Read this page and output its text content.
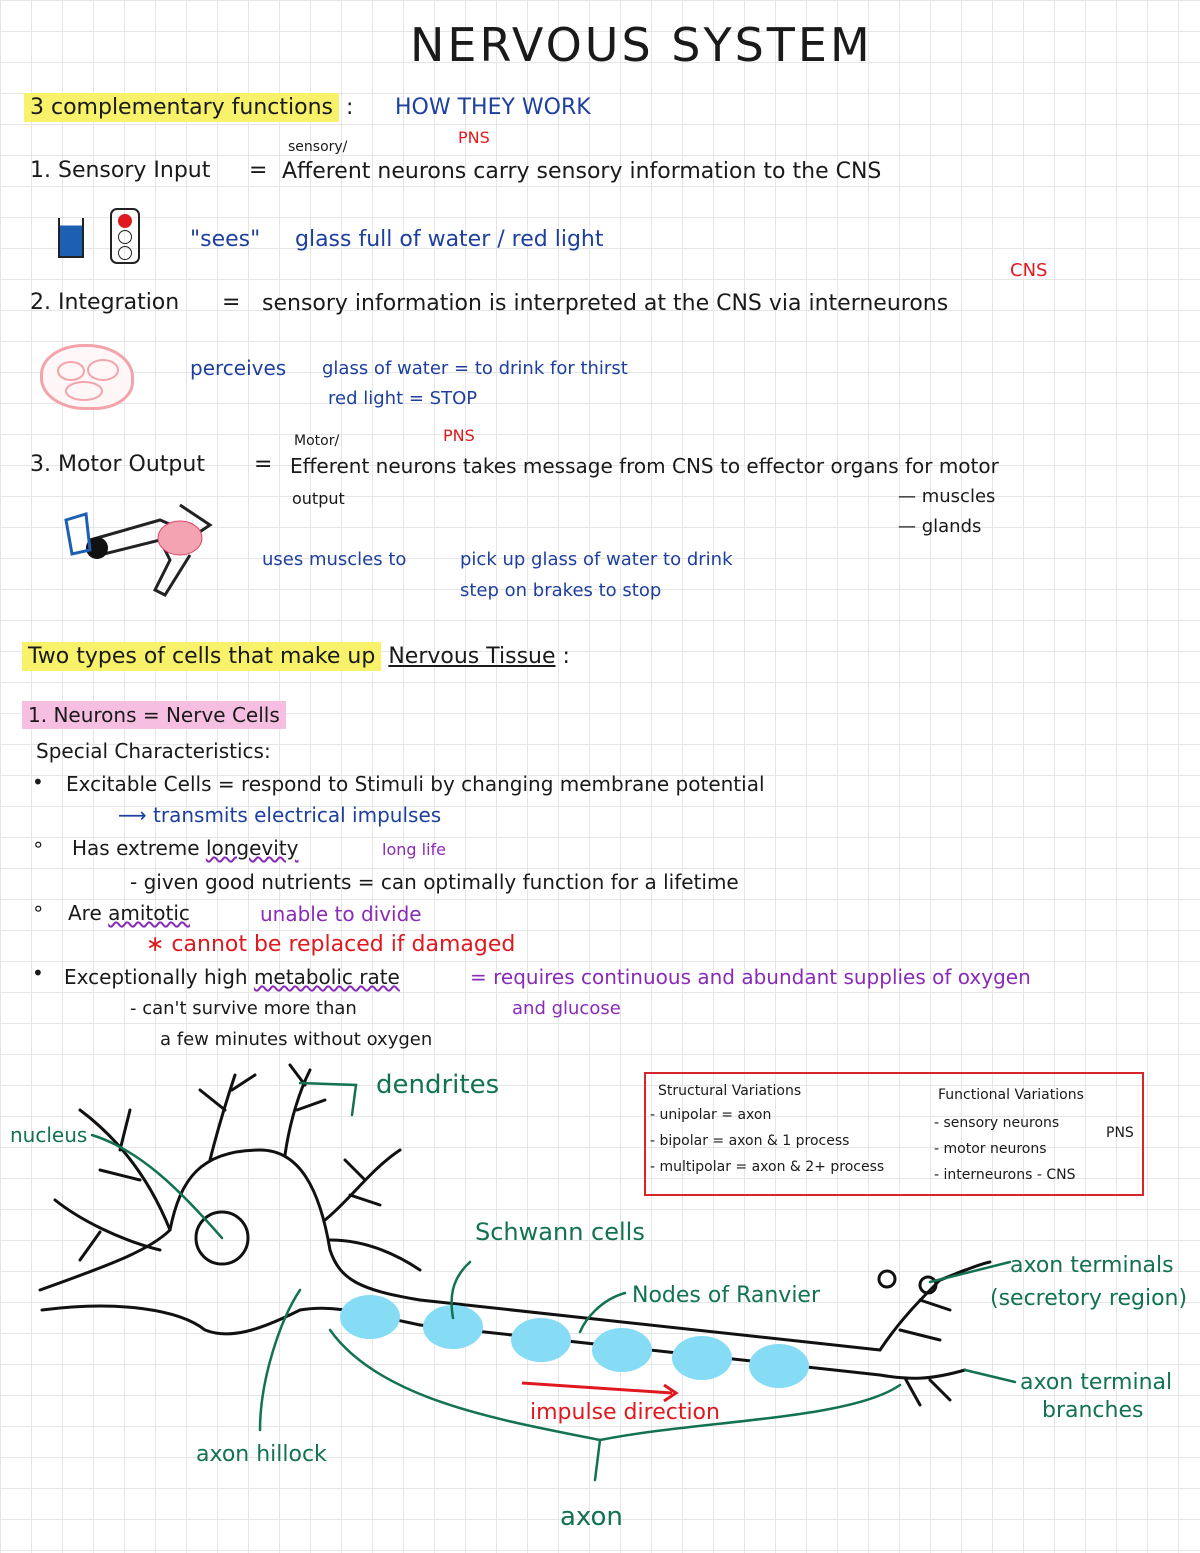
NERVOUS SYSTEM
3 complementary functions : HOW THEY WORK
sensory/	PNS
1. Sensory Input = Afferent neurons carry sensory information to the CNS
"sees" glass full of water / red light
CNS
2. Integration = sensory information is interpreted at the CNS via interneurons
perceives glass of water = to drink for thirst
red light = STOP
Motor/	PNS
3. Motor Output = Efferent neurons takes message from CNS to effector organs for motor
output	— muscles
— glands
uses muscles to	pick up glass of water to drink
step on brakes to stop
Two types of cells that make up Nervous Tissue :
1. Neurons = Nerve Cells
Special Characteristics:
• Excitable Cells = respond to Stimuli by changing membrane potential
⟶ transmits electrical impulses
∘ Has extreme longevity	long life
- given good nutrients = can optimally function for a lifetime
∘ Are amitotic	unable to divide
∗ cannot be replaced if damaged
• Exceptionally high metabolic rate	= requires continuous and abundant supplies of oxygen
and glucose
- can't survive more than
a few minutes without oxygen
Structural Variations
- unipolar = axon
- bipolar = axon & 1 process
- multipolar = axon & 2+ process
Functional Variations
- sensory neurons
- motor neurons
- interneurons - CNS
PNS
dendrites
nucleus
Schwann cells
Nodes of Ranvier
axon terminals
(secretory region)
axon terminal
branches
impulse direction
axon hillock
axon
